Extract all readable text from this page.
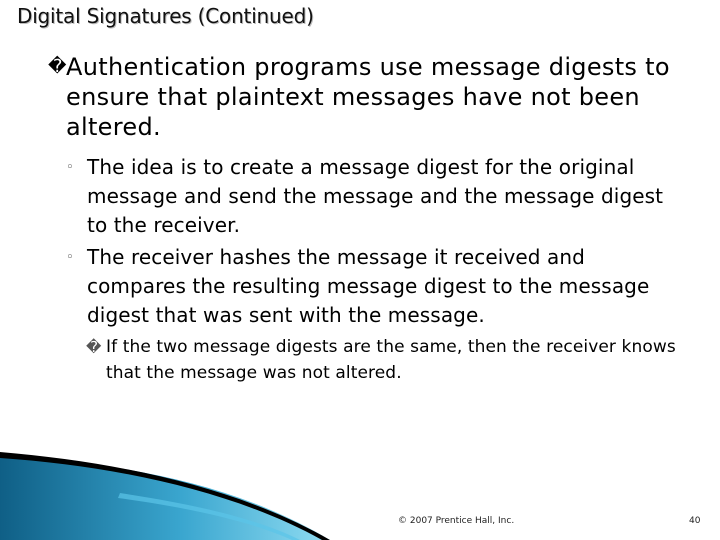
Digital Signatures (Continued)
� Authentication programs use message digests to ensure that plaintext messages have not been altered.
◦ The idea is to create a message digest for the original message and send the message and the message digest to the receiver.
◦ The receiver hashes the message it received and compares the resulting message digest to the message digest that was sent with the message.
� If the two message digests are the same, then the receiver knows that the message was not altered.
© 2007 Prentice Hall, Inc.	40
